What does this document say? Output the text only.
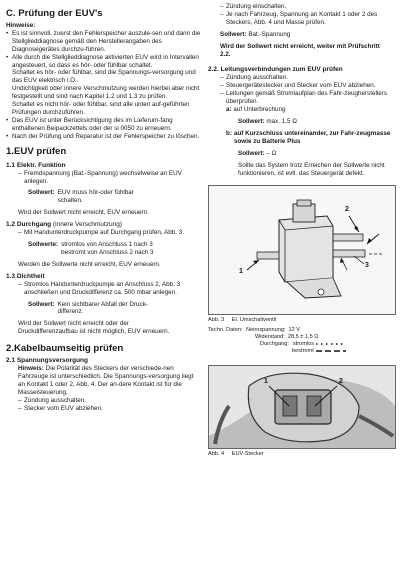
C. Prüfung der EUV's
Hinweise:
• Es ist sinnvoll, zuerst den Fehlerspeicher auszule-sen und dann die Stellglieddiagnose gemäß den Herstellerangaben des Diagnosegerätes durchzu-führen.
• Alle durch die Stellglieddiagnose aktivierten EUV wird in Intervallen angesteuert, so dass es hör- oder fühlbar schaltet.
Schaltet es hör- oder fühlbar, sind die Spannungs-versorgung und das EUV elektrisch i.O..
Undichtigkeit oder innere Verschmutzung werden hierbei aber nicht festgestellt und sind nach Kapitel 1.2 und 1.3 zu prüfen.
Schaltet es nicht hör- oder fühlbar, sind alle unten auf-geführten Prüfungen durchzuführen.
• Das EUV ist unter Berücksichtigung des im Lieferum-fang enthaltenen Beipackzettels oder der si 0050 zu erneuern.
• Nach der Prüfung und Reparatur ist der Fehlerspeicher zu löschen.
1.EUV prüfen
1.1 Elektr. Funktion
– Fremdspannung (Bat.-Spannung) wechselweise an EUV anlegen.
Sollwert: EUV muss hör-oder fühlbar schalten.

Wird der Sollwert nicht erreicht, EUV erneuern.

1.2 Durchgang (innere Verschmutzung)
– Mit Handunterdruckpumpe auf Durchgang prüfen, Abb. 3.
Sollwerte: stromlos von Anschluss 1 nach 3
bestromt von Anschluss 2 nach 3

Werden die Sollwerte nicht erreicht, EUV erneuern.

1.3 Dichtheit
– Stromlos Handunterdruckpumpe an Anschluss 2, Abb. 3 anschließen und Druckdifferenz ca. 500 mbar anlegen.
Sollwert: Kein sichtbarer Abfall der Druck-differenz.

Wird der Sollwert nicht erreicht oder der Druckdifferenzaufbau ist nicht möglich, EUV erneuern.

2.Kabelbaumseitig prüfen
2.1 Spannungsversorgung

Hinweis: Die Polarität des Steckers der verschiede-nen Fahrzeuge ist unterschiedlich. Die Spannungs-versorgung liegt an Kontakt 1 oder 2, Abb. 4. Der an-dere Kontakt ist für die Masseisteuerung.

– Zündung ausschalten.
– Stecker vom EUV abziehen.
– Zündung einschalten.
– Je nach Fahrzeug, Spannung an Kontakt 1 oder 2 des Steckers, Abb. 4 und Masse prüfen.
Sollwert: Bat.-Spannung

Wird der Sollwert nicht erreicht, weiter mit Prüfschritt 2.2.

2.2. Leitungsverbindungen zum EUV prüfen
– Zündung ausschalten.
– Steuergerätestecker und Stecker vom EUV abziehen.
– Leitungen gemäß Stromlaufplan des Fahr-zeugherstellers überprüfen.
a: auf Unterbrechung
Sollwert: max. 1,5 Ω
b: auf Kurzschluss untereinander, zur Fahr-zeugmasse sowie zu Batterie Plus
Sollwert: – Ω

Sollte das System trotz Erreichen der Sollwerte nicht funktionieren, ist evtl. das Steuergerät defekt.

2
1
3
Abb. 3 El. Umschaltventil
Techn. Daten: Nennspannung: 12 V
Widerstand: 28,5 ± 1,5 Ω
Durchgang: stromlos
bestromt
1	2
Abb. 4 EUV-Stecker
